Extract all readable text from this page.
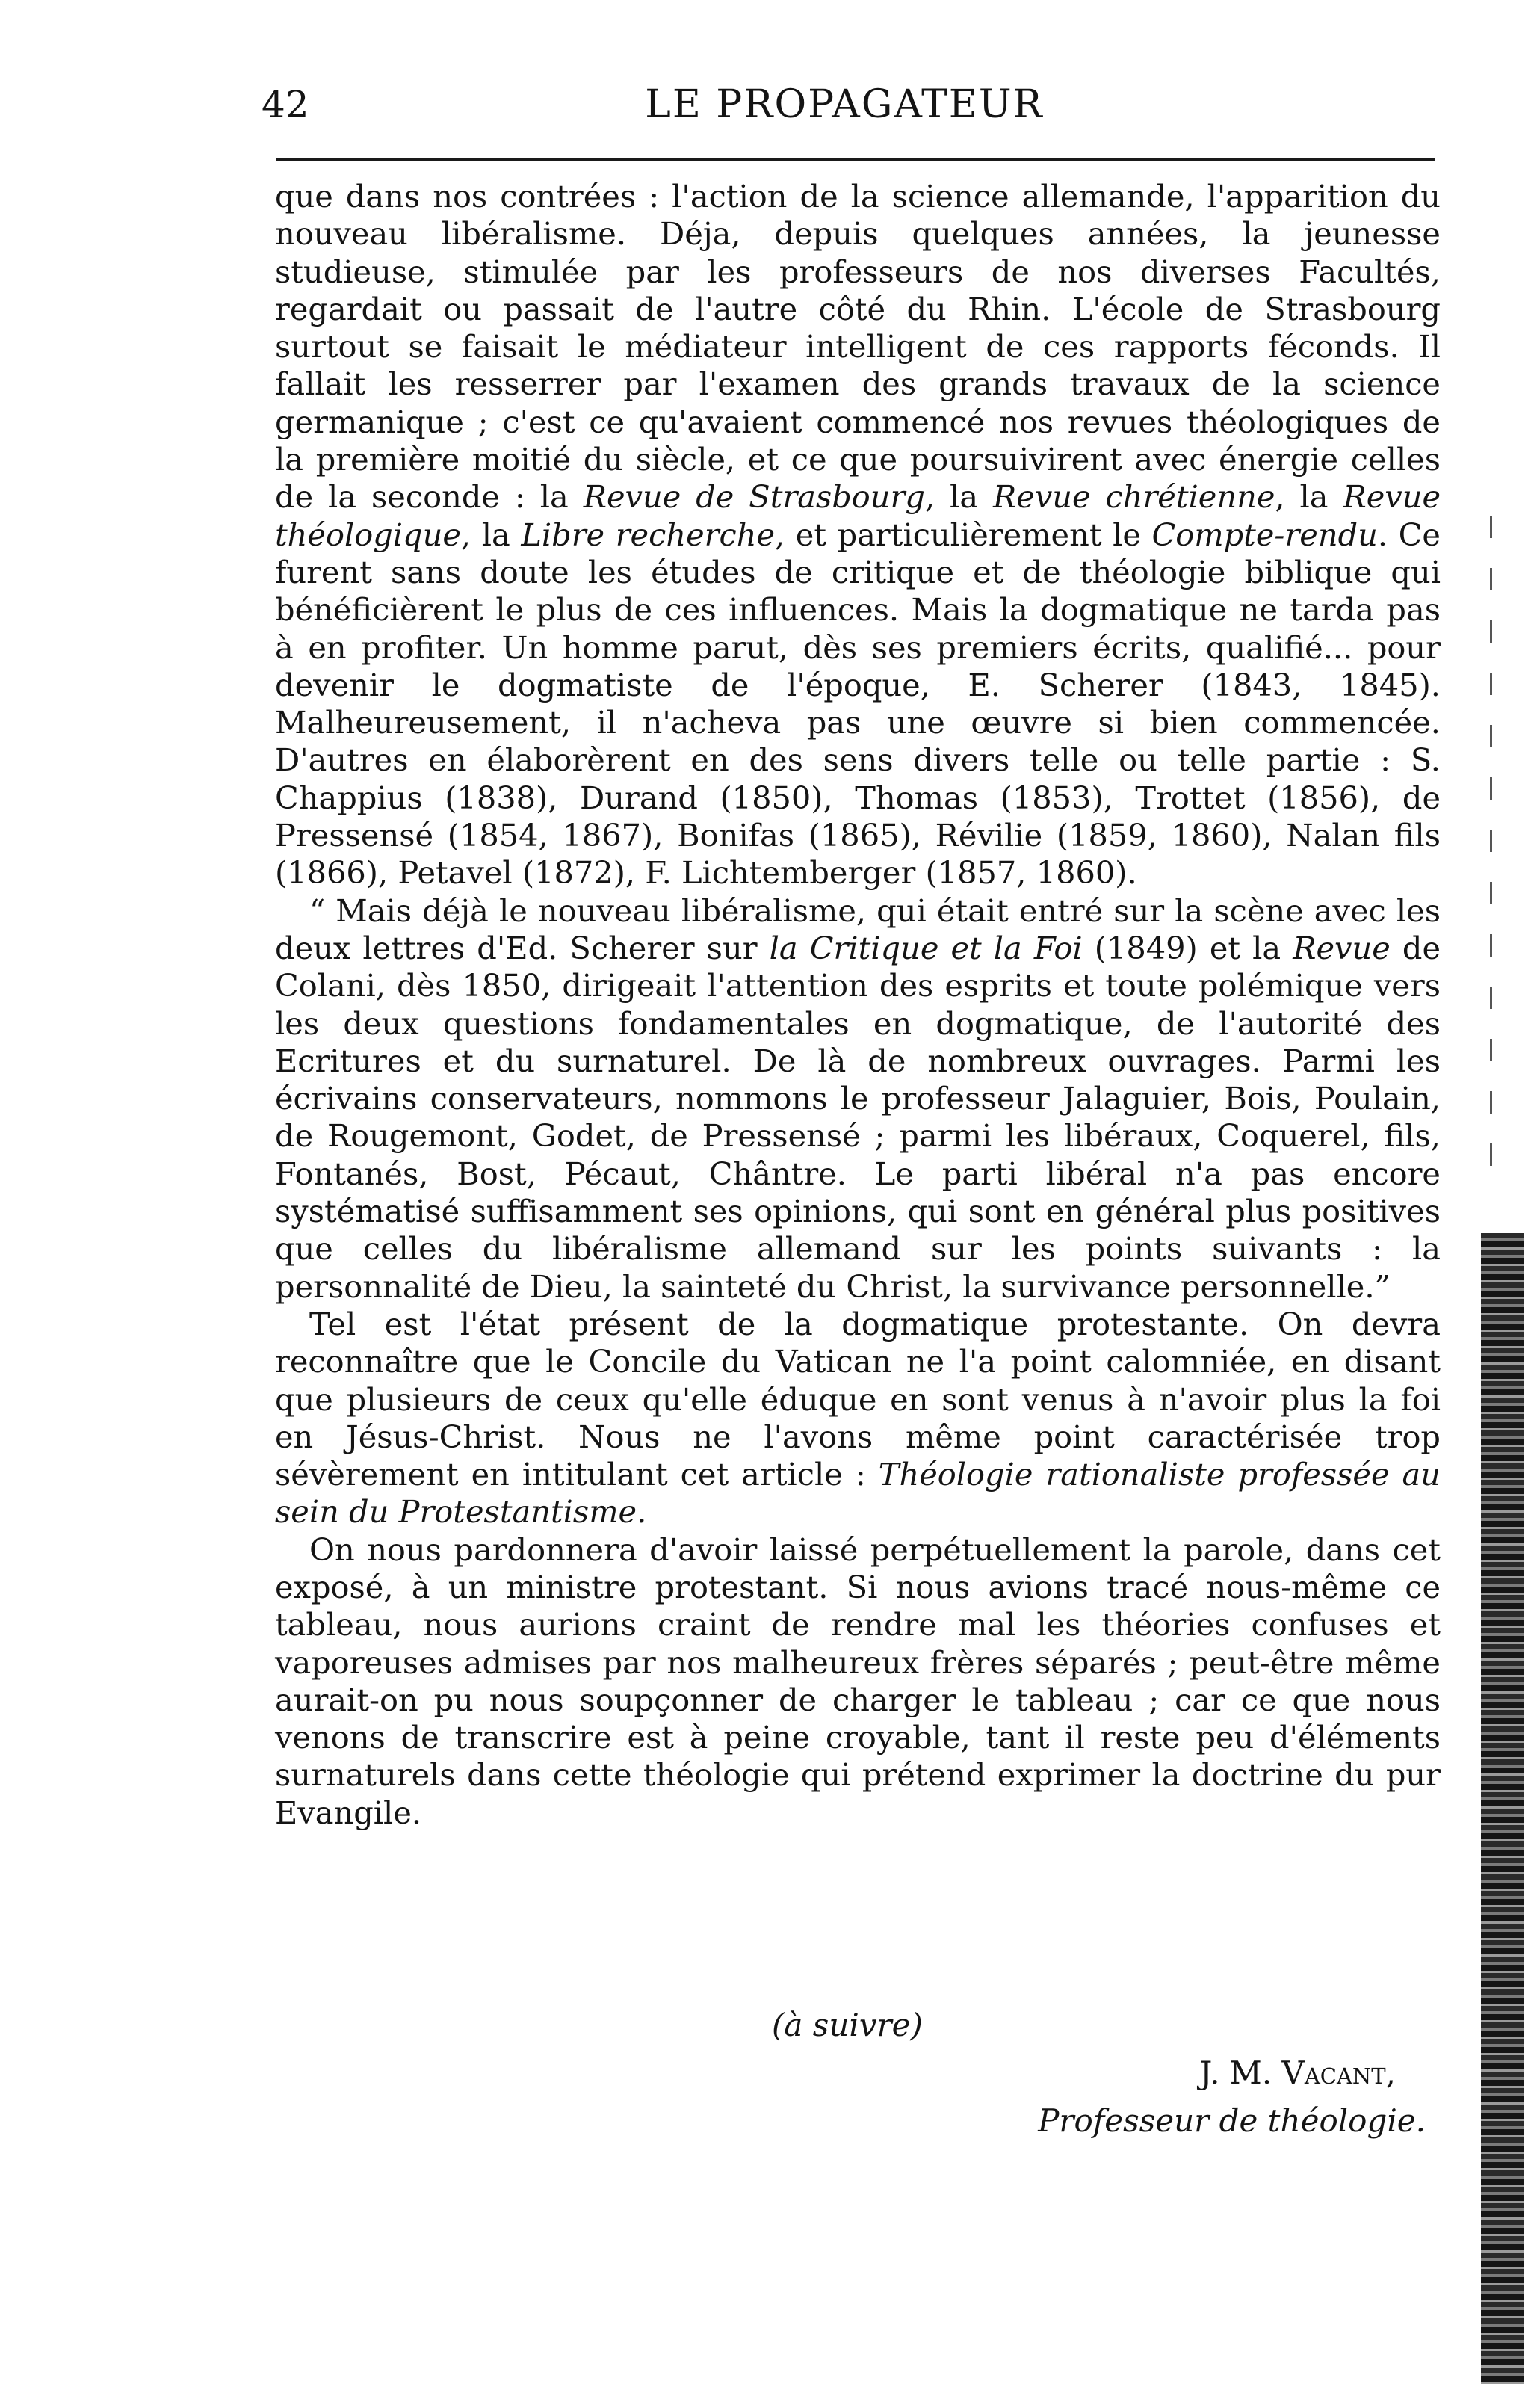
42	LE PROPAGATEUR

que dans nos contrées : l'action de la science allemande, l'apparition du nouveau libéralisme. Déja, depuis quelques années, la jeunesse studieuse, stimulée par les professeurs de nos diverses Facultés, regardait ou passait de l'autre côté du Rhin. L'école de Strasbourg surtout se faisait le médiateur intelligent de ces rapports féconds. Il fallait les resserrer par l'examen des grands travaux de la science germanique ; c'est ce qu'avaient commencé nos revues théologiques de la première moitié du siècle, et ce que poursuivirent avec énergie celles de la seconde : la Revue de Strasbourg, la Revue chrétienne, la Revue théologique, la Libre recherche, et particulièrement le Compte-rendu. Ce furent sans doute les études de critique et de théologie biblique qui bénéficièrent le plus de ces influences. Mais la dogmatique ne tarda pas à en profiter. Un homme parut, dès ses premiers écrits, qualifié... pour devenir le dogmatiste de l'époque, E. Scherer (1843, 1845). Malheureusement, il n'acheva pas une œuvre si bien commencée. D'autres en élaborèrent en des sens divers telle ou telle partie : S. Chappius (1838), Durand (1850), Thomas (1853), Trottet (1856), de Pressensé (1854, 1867), Bonifas (1865), Révilie (1859, 1860), Nalan fils (1866), Petavel (1872), F. Lichtemberger (1857, 1860).

“ Mais déjà le nouveau libéralisme, qui était entré sur la scène avec les deux lettres d'Ed. Scherer sur la Critique et la Foi (1849) et la Revue de Colani, dès 1850, dirigeait l'attention des esprits et toute polémique vers les deux questions fondamentales en dogmatique, de l'autorité des Ecritures et du surnaturel. De là de nombreux ouvrages. Parmi les écrivains conservateurs, nommons le professeur Jalaguier, Bois, Poulain, de Rougemont, Godet, de Pressensé ; parmi les libéraux, Coquerel, fils, Fontanés, Bost, Pécaut, Chântre. Le parti libéral n'a pas encore systématisé suffisamment ses opinions, qui sont en général plus positives que celles du libéralisme allemand sur les points suivants : la personnalité de Dieu, la sainteté du Christ, la survivance personnelle.”

Tel est l'état présent de la dogmatique protestante. On devra reconnaître que le Concile du Vatican ne l'a point calomniée, en disant que plusieurs de ceux qu'elle éduque en sont venus à n'avoir plus la foi en Jésus-Christ. Nous ne l'avons même point caractérisée trop sévèrement en intitulant cet article : Théologie rationaliste professée au sein du Protestantisme.

On nous pardonnera d'avoir laissé perpétuellement la parole, dans cet exposé, à un ministre protestant. Si nous avions tracé nous-même ce tableau, nous aurions craint de rendre mal les théories confuses et vaporeuses admises par nos malheureux frères séparés ; peut-être même aurait-on pu nous soupçonner de charger le tableau ; car ce que nous venons de transcrire est à peine croyable, tant il reste peu d'éléments surnaturels dans cette théologie qui prétend exprimer la doctrine du pur Evangile.

(à suivre)
J. M. Vacant,
Professeur de théologie.
